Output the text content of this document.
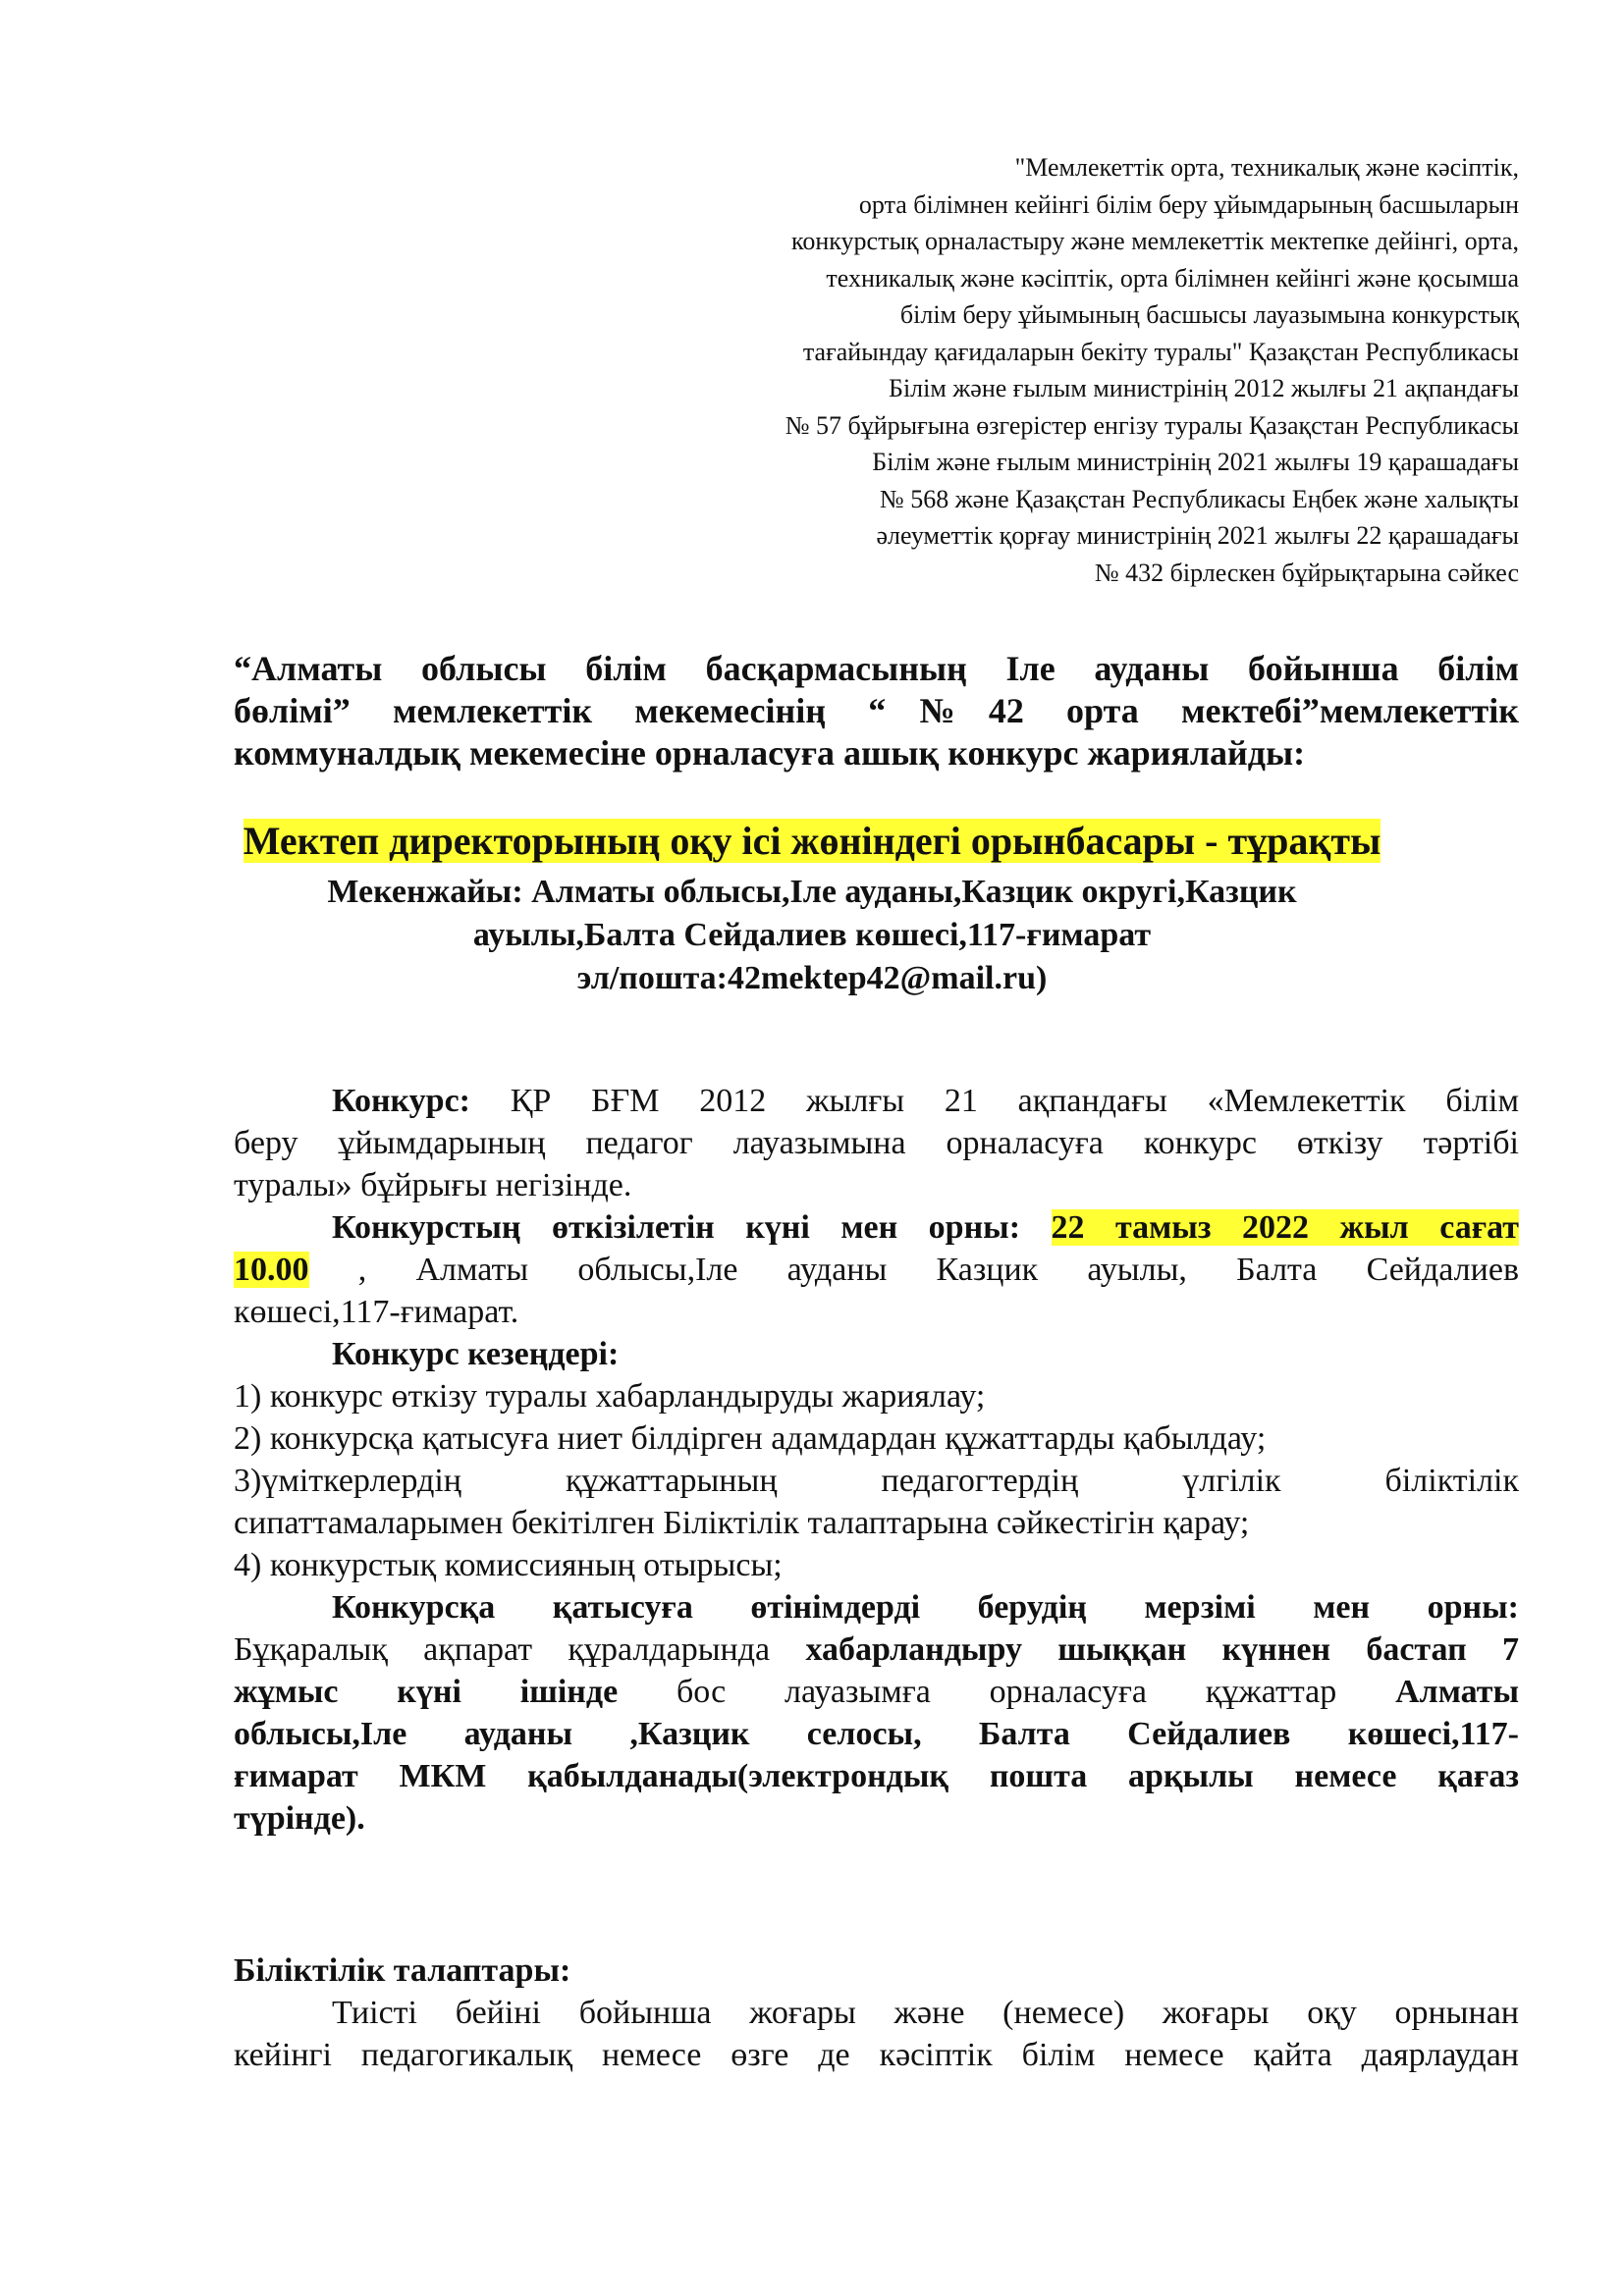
"Мемлекеттік орта, техникалық және кәсіптік,
орта білімнен кейінгі білім беру ұйымдарының басшыларын
конкурстық орналастыру және мемлекеттік мектепке дейінгі, орта,
техникалық және кәсіптік, орта білімнен кейінгі және қосымша
білім беру ұйымының басшысы лауазымына конкурстық
тағайындау қағидаларын бекіту туралы" Қазақстан Республикасы
Білім және ғылым министрінің 2012 жылғы 21 ақпандағы
№ 57 бұйрығына өзгерістер енгізу туралы Қазақстан Республикасы
Білім және ғылым министрінің 2021 жылғы 19 қарашадағы
№ 568 және Қазақстан Республикасы Еңбек және халықты
әлеуметтік қорғау министрінің 2021 жылғы 22 қарашадағы
№ 432 бірлескен бұйрықтарына сәйкес
“Алматы облысы білім басқармасының Іле ауданы бойынша білім
бөлімі” мемлекеттік мекемесінің “№42 орта мектебі”мемлекеттік
коммуналдық мекемесіне орналасуға ашық конкурс жариялайды:
Мектеп директорының оқу ісі жөніндегі орынбасары - тұрақты
Мекенжайы: Алматы облысы,Іле ауданы,Казцик округі,Казцик
ауылы,Балта Сейдалиев көшесі,117-ғимарат
эл/пошта:42mektep42@mail.ru)

Конкурс: ҚР БҒМ 2012 жылғы 21 ақпандағы «Мемлекеттік білім
беру ұйымдарының педагог лауазымына орналасуға конкурс өткізу тәртібі
туралы» бұйрығы негізінде.

Конкурстың өткізілетін күні мен орны: 22 тамыз 2022 жыл сағат
10.00 , Алматы облысы,Іле ауданы Казцик ауылы, Балта Сейдалиев
көшесі,117-ғимарат.

Конкурс кезеңдері:
1) конкурс өткізу туралы хабарландыруды жариялау;
2) конкурсқа қатысуға ниет білдірген адамдардан құжаттарды қабылдау;
3)үміткерлердің құжаттарының педагогтердің үлгілік біліктілік
сипаттамаларымен бекітілген Біліктілік талаптарына сәйкестігін қарау;
4) конкурстық комиссияның отырысы;

Конкурсқа қатысуға өтінімдерді берудің мерзімі мен орны:
Бұқаралық ақпарат құралдарында хабарландыру шыққан күннен бастап 7
жұмыс күні ішінде бос лауазымға орналасуға құжаттар Алматы
облысы,Іле ауданы ,Казцик селосы, Балта Сейдалиев көшесі,117-
ғимарат МКМ қабылданады(электрондық пошта арқылы немесе қағаз
түрінде).

Біліктілік талаптары:
Тиісті бейіні бойынша жоғары және (немесе) жоғары оқу орнынан
кейінгі педагогикалық немесе өзге де кәсіптік білім немесе қайта даярлаудан
